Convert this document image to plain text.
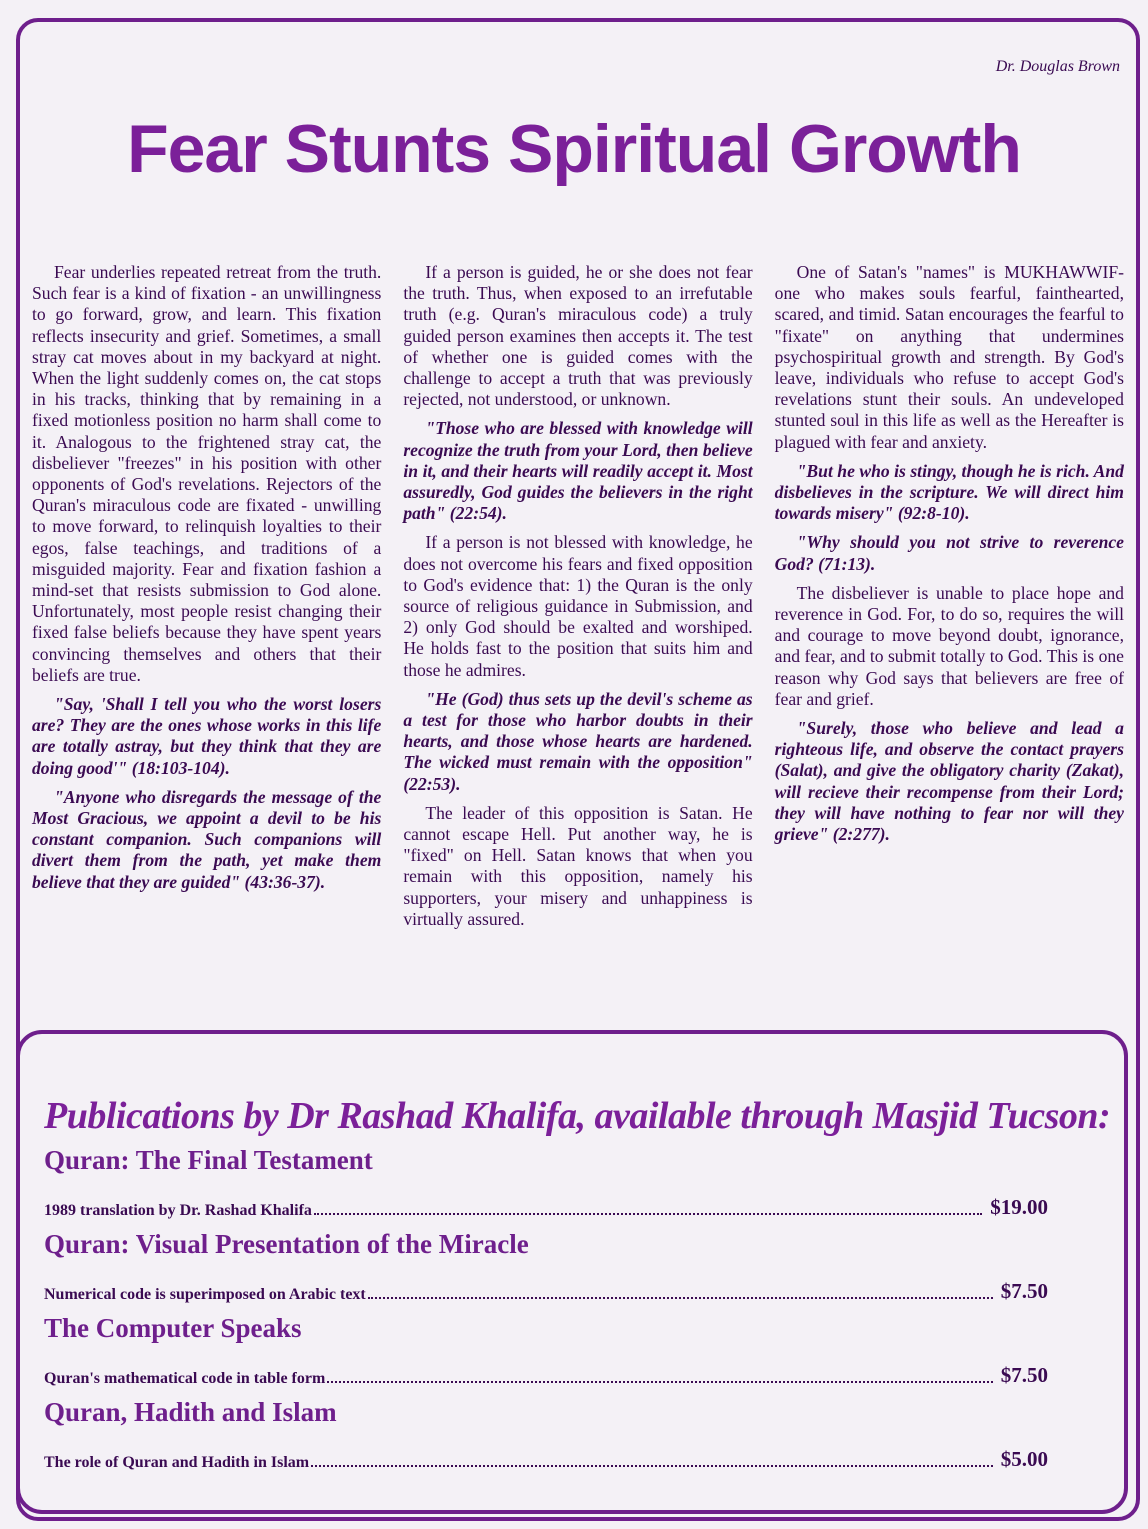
Dr. Douglas Brown
Fear Stunts Spiritual Growth

Fear underlies repeated retreat from the truth. Such fear is a kind of fixation - an unwillingness to go forward, grow, and learn. This fixation reflects insecurity and grief. Sometimes, a small stray cat moves about in my backyard at night. When the light suddenly comes on, the cat stops in his tracks, thinking that by remaining in a fixed motionless position no harm shall come to it. Analogous to the frightened stray cat, the disbeliever "freezes" in his position with other opponents of God's revelations. Rejectors of the Quran's miraculous code are fixated - unwilling to move forward, to relinquish loyalties to their egos, false teachings, and traditions of a misguided majority. Fear and fixation fashion a mind-set that resists submission to God alone. Unfortunately, most people resist changing their fixed false beliefs because they have spent years convincing themselves and others that their beliefs are true.

"Say, 'Shall I tell you who the worst losers are? They are the ones whose works in this life are totally astray, but they think that they are doing good'" (18:103-104).

"Anyone who disregards the message of the Most Gracious, we appoint a devil to be his constant companion. Such companions will divert them from the path, yet make them believe that they are guided" (43:36-37).

If a person is guided, he or she does not fear the truth. Thus, when exposed to an irrefutable truth (e.g. Quran's miraculous code) a truly guided person examines then accepts it. The test of whether one is guided comes with the challenge to accept a truth that was previously rejected, not understood, or unknown.

"Those who are blessed with knowledge will recognize the truth from your Lord, then believe in it, and their hearts will readily accept it. Most assuredly, God guides the believers in the right path" (22:54).

If a person is not blessed with knowledge, he does not overcome his fears and fixed opposition to God's evidence that: 1) the Quran is the only source of religious guidance in Submission, and 2) only God should be exalted and worshiped. He holds fast to the position that suits him and those he admires.

"He (God) thus sets up the devil's scheme as a test for those who harbor doubts in their hearts, and those whose hearts are hardened. The wicked must remain with the opposition" (22:53).

The leader of this opposition is Satan. He cannot escape Hell. Put another way, he is "fixed" on Hell. Satan knows that when you remain with this opposition, namely his supporters, your misery and unhappiness is virtually assured.

One of Satan's "names" is MUKHAWWIF- one who makes souls fearful, fainthearted, scared, and timid. Satan encourages the fearful to "fixate" on anything that undermines psychospiritual growth and strength. By God's leave, individuals who refuse to accept God's revelations stunt their souls. An undeveloped stunted soul in this life as well as the Hereafter is plagued with fear and anxiety.

"But he who is stingy, though he is rich. And disbelieves in the scripture. We will direct him towards misery" (92:8-10).

"Why should you not strive to reverence God? (71:13).

The disbeliever is unable to place hope and reverence in God. For, to do so, requires the will and courage to move beyond doubt, ignorance, and fear, and to submit totally to God. This is one reason why God says that believers are free of fear and grief.

"Surely, those who believe and lead a righteous life, and observe the contact prayers (Salat), and give the obligatory charity (Zakat), will recieve their recompense from their Lord; they will have nothing to fear nor will they grieve" (2:277).

Publications by Dr Rashad Khalifa, available through Masjid Tucson:
Quran: The Final Testament
1989 translation by Dr. Rashad Khalifa	$19.00
Quran: Visual Presentation of the Miracle
Numerical code is superimposed on Arabic text	$7.50
The Computer Speaks
Quran's mathematical code in table form	$7.50
Quran, Hadith and Islam
The role of Quran and Hadith in Islam	$5.00
